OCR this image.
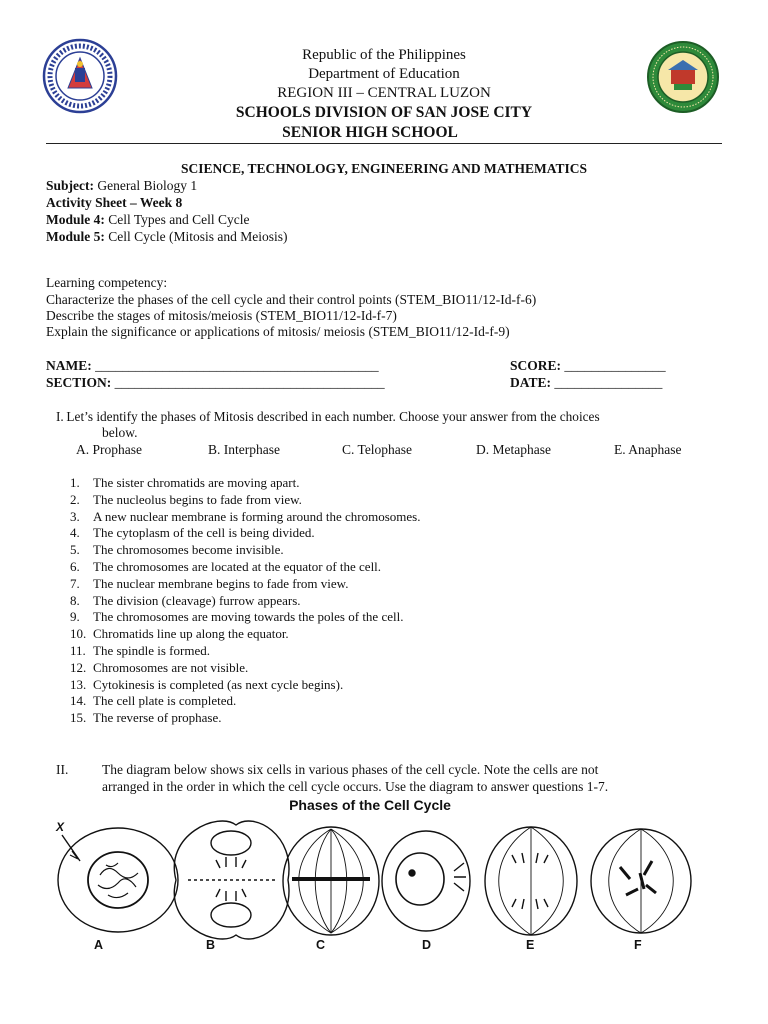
Republic of the Philippines
Department of Education
REGION III – CENTRAL LUZON
SCHOOLS DIVISION OF SAN JOSE CITY
SENIOR HIGH SCHOOL
SCIENCE, TECHNOLOGY, ENGINEERING AND MATHEMATICS
Subject: General Biology 1
Activity Sheet – Week 8
Module 4: Cell Types and Cell Cycle
Module 5: Cell Cycle (Mitosis and Meiosis)
Learning competency:
Characterize the phases of the cell cycle and their control points (STEM_BIO11/12-Id-f-6)
Describe the stages of mitosis/meiosis (STEM_BIO11/12-Id-f-7)
Explain the significance or applications of mitosis/ meiosis (STEM_BIO11/12-Id-f-9)
NAME: __________________________________________	SCORE: _______________
SECTION: ________________________________________	DATE: ________________
I. Let’s identify the phases of Mitosis described in each number. Choose your answer from the choices
below.
A. Prophase	B. Interphase	C. Telophase	D. Metaphase	E. Anaphase
1. The sister chromatids are moving apart.
2. The nucleolus begins to fade from view.
3. A new nuclear membrane is forming around the chromosomes.
4. The cytoplasm of the cell is being divided.
5. The chromosomes become invisible.
6. The chromosomes are located at the equator of the cell.
7. The nuclear membrane begins to fade from view.
8. The division (cleavage) furrow appears.
9. The chromosomes are moving towards the poles of the cell.
10. Chromatids line up along the equator.
11. The spindle is formed.
12. Chromosomes are not visible.
13. Cytokinesis is completed (as next cycle begins).
14. The cell plate is completed.
15. The reverse of prophase.
II. The diagram below shows six cells in various phases of the cell cycle. Note the cells are not
arranged in the order in which the cell cycle occurs. Use the diagram to answer questions 1-7.
Phases of the Cell Cycle
X
A	B	C	D	E	F
